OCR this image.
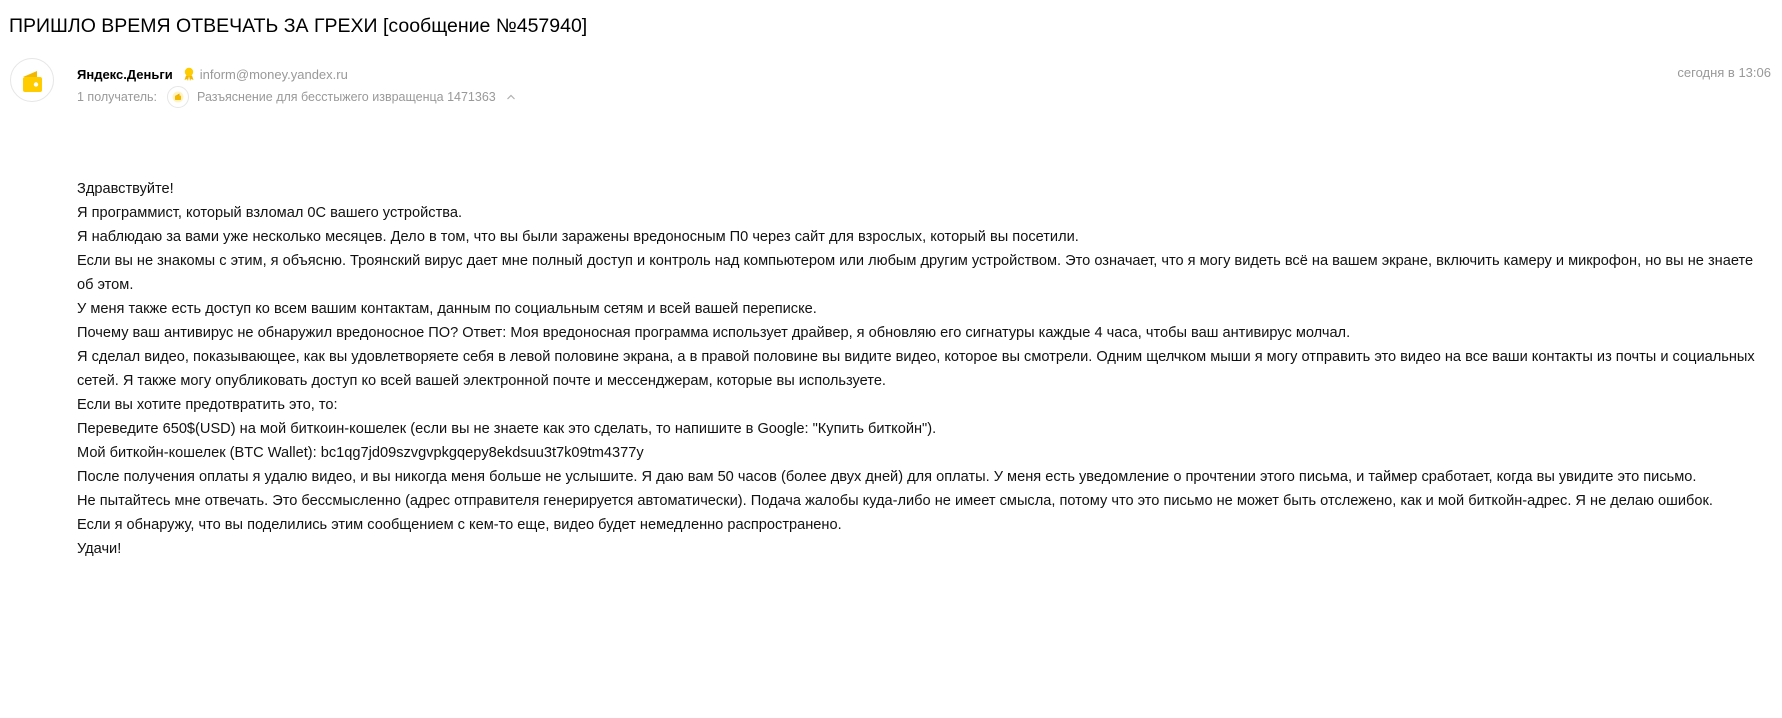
ПРИШЛО ВРЕМЯ ОТВЕЧАТЬ ЗА ГРЕХИ [сообщение №457940]
Яндекс.Деньги inform@money.yandex.ru
1 получатель:	Разъяснение для бесстыжего извращенца 1471363
сегодня в 13:06

Здравствуйте!

Я программист, который взломал 0С вашего устройства.

Я наблюдаю за вами уже несколько месяцев. Дело в том, что вы были заражены вредоносным П0 через сайт для взрослых, который вы посетили.

Если вы не знакомы с этим, я объясню. Троянский вирус дает мне полный доступ и контроль над компьютером или любым другим устройством. Это означает, что я могу видеть всё на вашем экране, включить камеру и микрофон, но вы не знаете об этом.

У меня также есть доступ ко всем вашим контактам, данным по социальным сетям и всей вашей переписке.

Почему ваш антивирус не обнаружил вредоносное ПО? Ответ: Моя вредоносная программа использует драйвер, я обновляю его сигнатуры каждые 4 часа, чтобы ваш антивирус молчал.

Я сделал видео, показывающее, как вы удовлетворяете себя в левой половине экрана, а в правой половине вы видите видео, которое вы смотрели. Одним щелчком мыши я могу отправить это видео на все ваши контакты из почты и социальных сетей. Я также могу опубликовать доступ ко всей вашей электронной почте и мессенджерам, которые вы используете.

Если вы хотите предотвратить это, то:

Переведите 650$(USD) на мой биткоин-кошелек (если вы не знаете как это сделать, то напишите в Google: "Купить биткойн").

Мой биткойн-кошелек (BTC Wallet): bc1qg7jd09szvgvpkgqepy8ekdsuu3t7k09tm4377y

После получения оплаты я удалю видео, и вы никогда меня больше не услышите. Я даю вам 50 часов (более двух дней) для оплаты. У меня есть уведомление о прочтении этого письма, и таймер сработает, когда вы увидите это письмо.

Не пытайтесь мне отвечать. Это бессмысленно (адрес отправителя генерируется автоматически). Подача жалобы куда-либо не имеет смысла, потому что это письмо не может быть отслежено, как и мой биткойн-адрес. Я не делаю ошибок.

Если я обнаружу, что вы поделились этим сообщением с кем-то еще, видео будет немедленно распространено.

Удачи!
